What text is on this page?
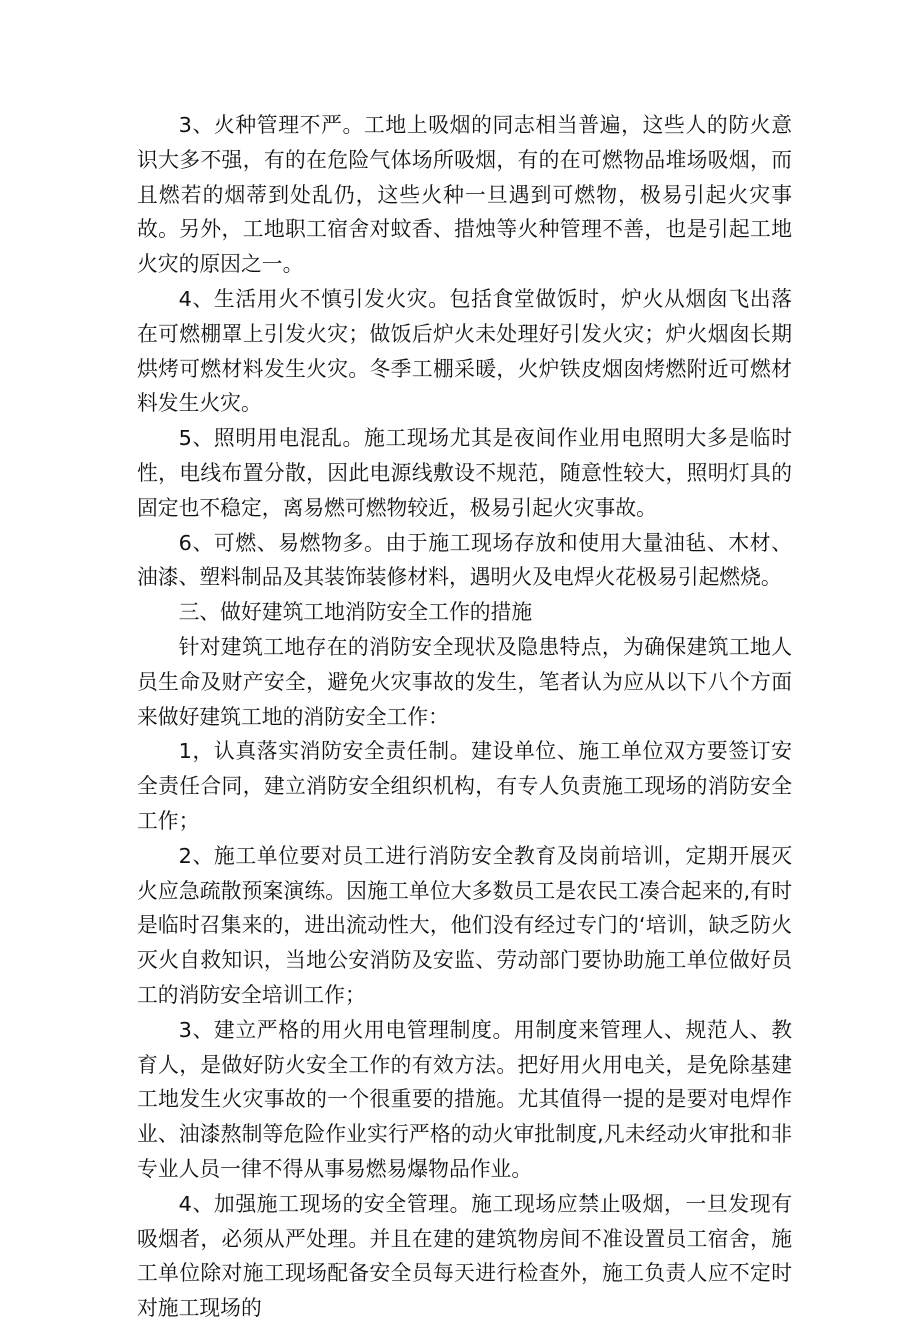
3、火种管理不严。工地上吸烟的同志相当普遍，这些人的防火意识大多不强，有的在危险气体场所吸烟，有的在可燃物品堆场吸烟，而且燃若的烟蒂到处乱仍，这些火种一旦遇到可燃物，极易引起火灾事故。另外，工地职工宿舍对蚊香、措烛等火种管理不善，也是引起工地火灾的原因之一。

4、生活用火不慎引发火灾。包括食堂做饭时，炉火从烟囱飞出落在可燃棚罩上引发火灾；做饭后炉火未处理好引发火灾；炉火烟囱长期烘烤可燃材料发生火灾。冬季工棚采暖，火炉铁皮烟囱烤燃附近可燃材料发生火灾。

5、照明用电混乱。施工现场尤其是夜间作业用电照明大多是临时性，电线布置分散，因此电源线敷设不规范，随意性较大，照明灯具的固定也不稳定，离易燃可燃物较近，极易引起火灾事故。

6、可燃、易燃物多。由于施工现场存放和使用大量油毡、木材、油漆、塑料制品及其装饰装修材料，遇明火及电焊火花极易引起燃烧。

三、做好建筑工地消防安全工作的措施

针对建筑工地存在的消防安全现状及隐患特点，为确保建筑工地人员生命及财产安全，避免火灾事故的发生，笔者认为应从以下八个方面来做好建筑工地的消防安全工作：

1，认真落实消防安全责任制。建设单位、施工单位双方要签订安全责任合同，建立消防安全组织机构，有专人负责施工现场的消防安全工作；

2、施工单位要对员工进行消防安全教育及岗前培训，定期开展灭火应急疏散预案演练。因施工单位大多数员工是农民工凑合起来的,有时是临时召集来的，进出流动性大，他们没有经过专门的‘培训，缺乏防火灭火自救知识，当地公安消防及安监、劳动部门要协助施工单位做好员工的消防安全培训工作；

3、建立严格的用火用电管理制度。用制度来管理人、规范人、教育人，是做好防火安全工作的有效方法。把好用火用电关，是免除基建工地发生火灾事故的一个很重要的措施。尤其值得一提的是要对电焊作业、油漆熬制等危险作业实行严格的动火审批制度,凡未经动火审批和非专业人员一律不得从事易燃易爆物品作业。

4、加强施工现场的安全管理。施工现场应禁止吸烟，一旦发现有吸烟者，必须从严处理。并且在建的建筑物房间不准设置员工宿舍，施工单位除对施工现场配备安全员每天进行检查外，施工负责人应不定时对施工现场的
